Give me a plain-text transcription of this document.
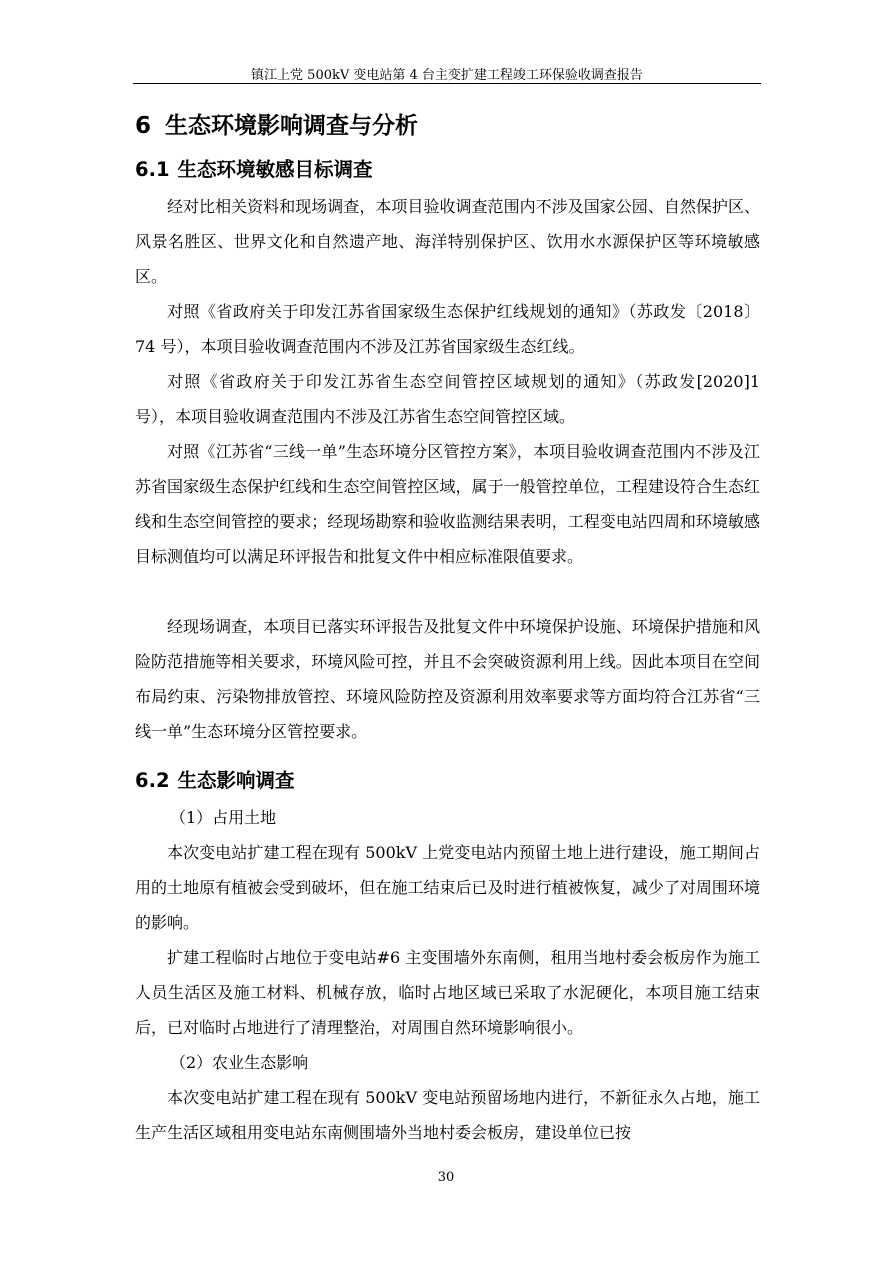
镇江上党 500kV 变电站第 4 台主变扩建工程竣工环保验收调查报告
6 生态环境影响调查与分析
6.1 生态环境敏感目标调查

经对比相关资料和现场调查，本项目验收调查范围内不涉及国家公园、自然保护区、风景名胜区、世界文化和自然遗产地、海洋特别保护区、饮用水水源保护区等环境敏感区。

对照《省政府关于印发江苏省国家级生态保护红线规划的通知》（苏政发〔2018〕74 号），本项目验收调查范围内不涉及江苏省国家级生态红线。

对照《省政府关于印发江苏省生态空间管控区域规划的通知》（苏政发[2020]1 号），本项目验收调查范围内不涉及江苏省生态空间管控区域。

对照《江苏省“三线一单”生态环境分区管控方案》，本项目验收调查范围内不涉及江苏省国家级生态保护红线和生态空间管控区域，属于一般管控单位，工程建设符合生态红线和生态空间管控的要求；经现场勘察和验收监测结果表明，工程变电站四周和环境敏感目标测值均可以满足环评报告和批复文件中相应标准限值要求。

经现场调查，本项目已落实环评报告及批复文件中环境保护设施、环境保护措施和风险防范措施等相关要求，环境风险可控，并且不会突破资源利用上线。因此本项目在空间布局约束、污染物排放管控、环境风险防控及资源利用效率要求等方面均符合江苏省“三线一单”生态环境分区管控要求。

6.2 生态影响调查
（1）占用土地

本次变电站扩建工程在现有 500kV 上党变电站内预留土地上进行建设，施工期间占用的土地原有植被会受到破坏，但在施工结束后已及时进行植被恢复，减少了对周围环境的影响。

扩建工程临时占地位于变电站#6 主变围墙外东南侧，租用当地村委会板房作为施工人员生活区及施工材料、机械存放，临时占地区域已采取了水泥硬化，本项目施工结束后，已对临时占地进行了清理整治，对周围自然环境影响很小。

（2）农业生态影响

本次变电站扩建工程在现有 500kV 变电站预留场地内进行，不新征永久占地，施工生产生活区域租用变电站东南侧围墙外当地村委会板房，建设单位已按

30
